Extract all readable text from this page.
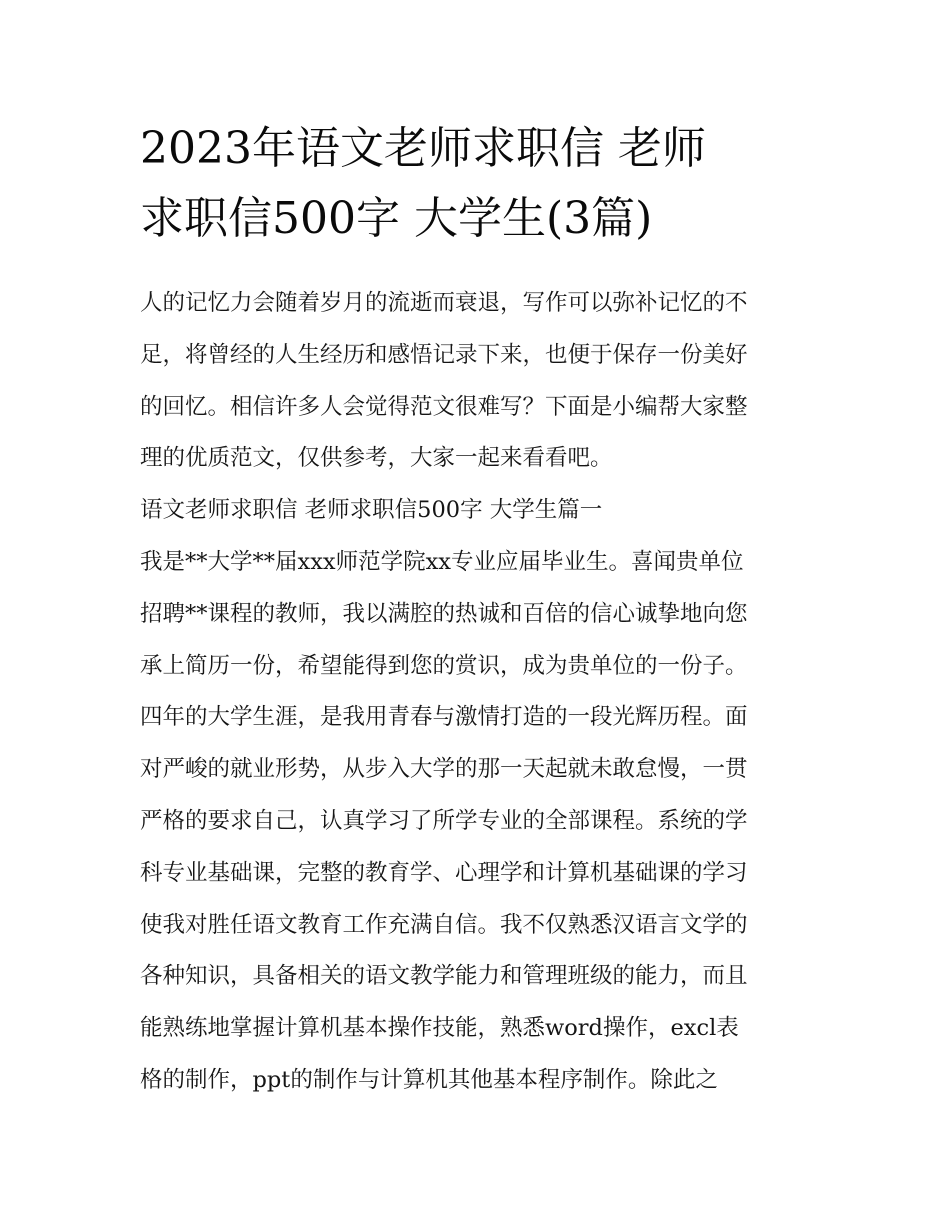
2023年语文老师求职信 老师
求职信500字 大学生(3篇)
人的记忆力会随着岁月的流逝而衰退，写作可以弥补记忆的不
足，将曾经的人生经历和感悟记录下来，也便于保存一份美好
的回忆。相信许多人会觉得范文很难写？下面是小编帮大家整
理的优质范文，仅供参考，大家一起来看看吧。
语文老师求职信 老师求职信500字 大学生篇一
我是**大学**届xxx师范学院xx专业应届毕业生。喜闻贵单位
招聘**课程的教师，我以满腔的热诚和百倍的信心诚挚地向您
承上简历一份，希望能得到您的赏识，成为贵单位的一份子。
四年的大学生涯，是我用青春与激情打造的一段光辉历程。面
对严峻的就业形势，从步入大学的那一天起就未敢怠慢，一贯
严格的要求自己，认真学习了所学专业的全部课程。系统的学
科专业基础课，完整的教育学、心理学和计算机基础课的学习
使我对胜任语文教育工作充满自信。我不仅熟悉汉语言文学的
各种知识，具备相关的语文教学能力和管理班级的能力，而且
能熟练地掌握计算机基本操作技能，熟悉word操作，excl表
格的制作，ppt的制作与计算机其他基本程序制作。除此之
